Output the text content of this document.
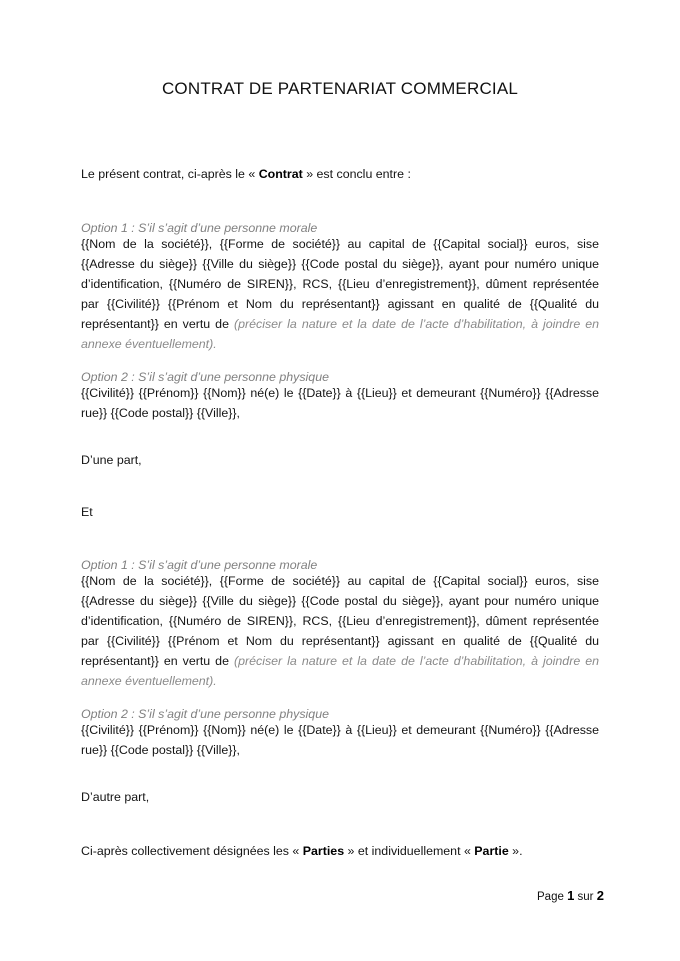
CONTRAT DE PARTENARIAT COMMERCIAL
Le présent contrat, ci-après le « Contrat » est conclu entre :
Option 1 : S’il s’agit d’une personne morale
{{Nom de la société}}, {{Forme de société}} au capital de {{Capital social}} euros, sise {{Adresse du siège}} {{Ville du siège}} {{Code postal du siège}}, ayant pour numéro unique d’identification, {{Numéro de SIREN}}, RCS, {{Lieu d’enregistrement}}, dûment représentée par {{Civilité}} {{Prénom et Nom du représentant}} agissant en qualité de {{Qualité du représentant}} en vertu de (préciser la nature et la date de l’acte d’habilitation, à joindre en annexe éventuellement).
Option 2 : S’il s’agit d’une personne physique
{{Civilité}} {{Prénom}} {{Nom}} né(e) le {{Date}} à {{Lieu}} et demeurant {{Numéro}} {{Adresse rue}} {{Code postal}} {{Ville}},
D’une part,
Et
Option 1 : S’il s’agit d’une personne morale
{{Nom de la société}}, {{Forme de société}} au capital de {{Capital social}} euros, sise {{Adresse du siège}} {{Ville du siège}} {{Code postal du siège}}, ayant pour numéro unique d’identification, {{Numéro de SIREN}}, RCS, {{Lieu d’enregistrement}}, dûment représentée par {{Civilité}} {{Prénom et Nom du représentant}} agissant en qualité de {{Qualité du représentant}} en vertu de (préciser la nature et la date de l’acte d’habilitation, à joindre en annexe éventuellement).
Option 2 : S’il s’agit d’une personne physique
{{Civilité}} {{Prénom}} {{Nom}} né(e) le {{Date}} à {{Lieu}} et demeurant {{Numéro}} {{Adresse rue}} {{Code postal}} {{Ville}},
D’autre part,
Ci-après collectivement désignées les « Parties » et individuellement « Partie ».
Page 1 sur 2
